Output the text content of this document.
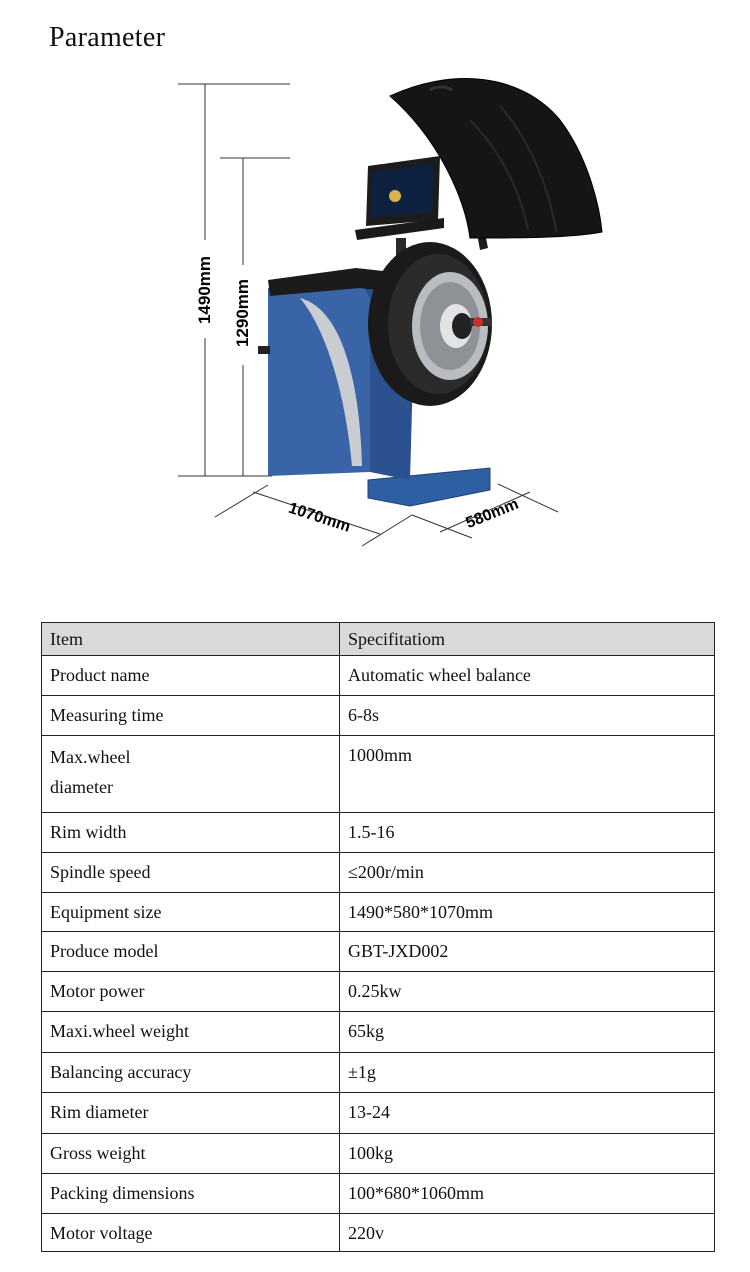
Parameter
1490mm 1290mm
1070mm	580mm
Item	Specifitatiom
Product name	Automatic wheel balance
Measuring time	6-8s
Max.wheel
diameter	1000mm
Rim width	1.5-16
Spindle speed	≤200r/min
Equipment size	1490*580*1070mm
Produce model	GBT-JXD002
Motor power	0.25kw
Maxi.wheel weight	65kg
Balancing accuracy	±1g
Rim diameter	13-24
Gross weight	100kg
Packing dimensions	100*680*1060mm
Motor voltage	220v
